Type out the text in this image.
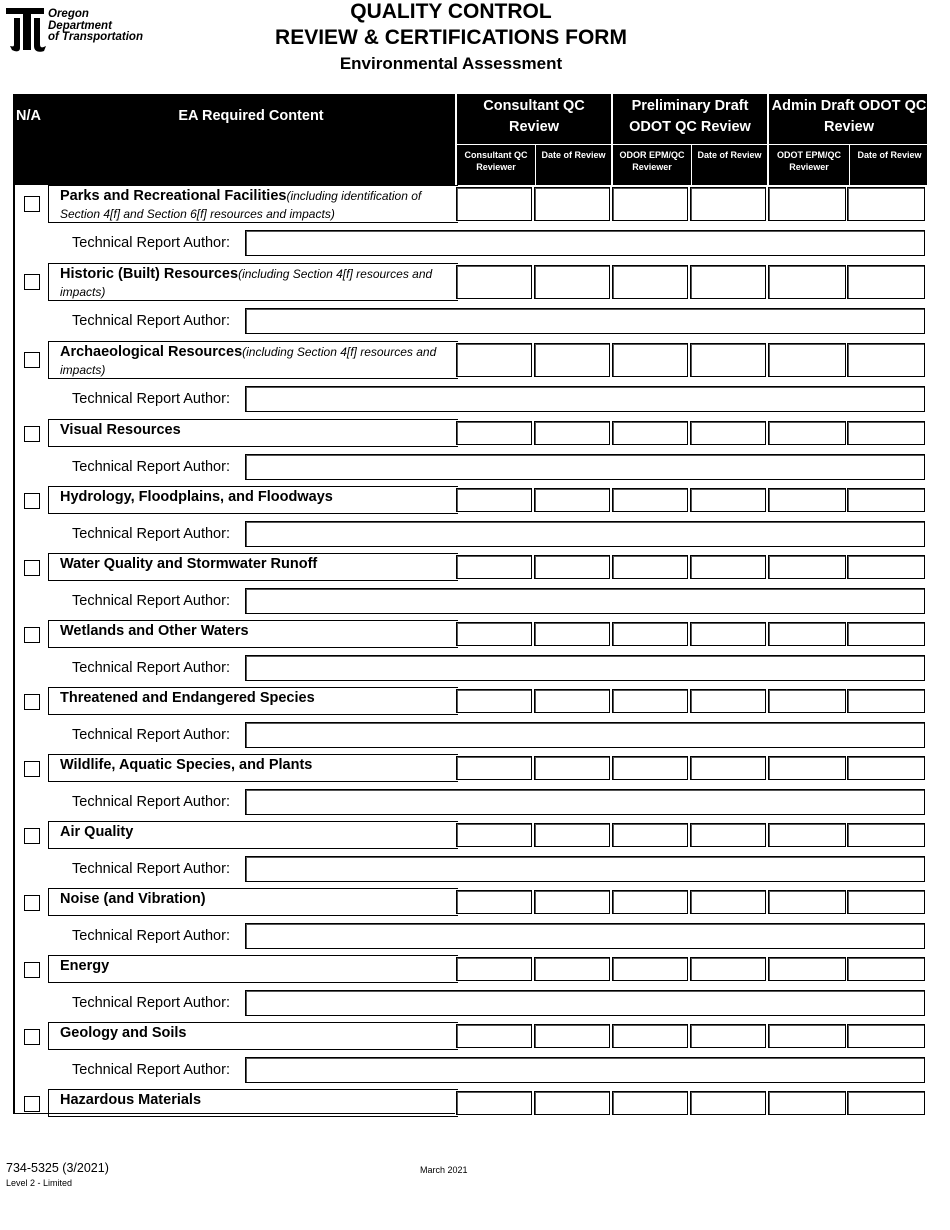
Oregon
Department
of Transportation
QUALITY CONTROL
REVIEW & CERTIFICATIONS FORM
Environmental Assessment
N/A	EA Required Content
Consultant QC Review
Consultant QC Reviewer
Date of Review
Preliminary Draft ODOT QC Review
ODOR EPM/QC Reviewer
Date of Review
Admin Draft ODOT QC Review
ODOT EPM/QC Reviewer
Date of Review
Parks and Recreational Facilities(including identification of Section 4[f] and Section 6[f] resources and impacts)
Technical Report Author:
Historic (Built) Resources(including Section 4[f] resources and impacts)
Technical Report Author:
Archaeological Resources(including Section 4[f] resources and impacts)
Technical Report Author:
Visual Resources
Technical Report Author:
Hydrology, Floodplains, and Floodways
Technical Report Author:
Water Quality and Stormwater Runoff
Technical Report Author:
Wetlands and Other Waters
Technical Report Author:
Threatened and Endangered Species
Technical Report Author:
Wildlife, Aquatic Species, and Plants
Technical Report Author:
Air Quality
Technical Report Author:
Noise (and Vibration)
Technical Report Author:
Energy
Technical Report Author:
Geology and Soils
Technical Report Author:
Hazardous Materials
734-5325 (3/2021)
Level 2 - Limited
March 2021
